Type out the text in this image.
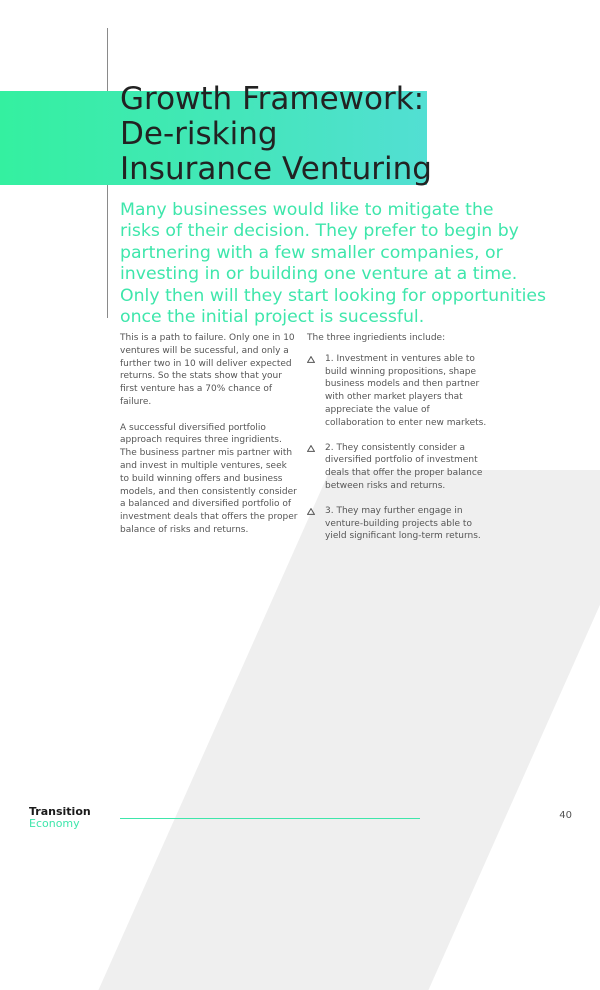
Growth Framework:
De-risking
Insurance Venturing

Many businesses would like to mitigate the
risks of their decision. They prefer to begin by
partnering with a few smaller companies, or
investing in or building one venture at a time.
Only then will they start looking for opportunities
once the initial project is sucessful.

This is a path to failure. Only one in 10 ventures will be sucessful, and only a further two in 10 will deliver expected returns. So the stats show that your first venture has a 70% chance of failure.

A successful diversified portfolio approach requires three ingridients. The business partner mis partner with and invest in multiple ventures, seek to build winning offers and business models, and then consistently consider a balanced and diversified portfolio of investment deals that offers the proper balance of risks and returns.

The three ingriedients include:

1. Investment in ventures able to build winning propositions, shape business models and then partner with other market players that appreciate the value of collaboration to enter new markets.
2. They consistently consider a diversified portfolio of investment deals that offer the proper balance between risks and returns.
3. They may further engage in venture-building projects able to yield significant long-term returns.
Transition
Economy
40
